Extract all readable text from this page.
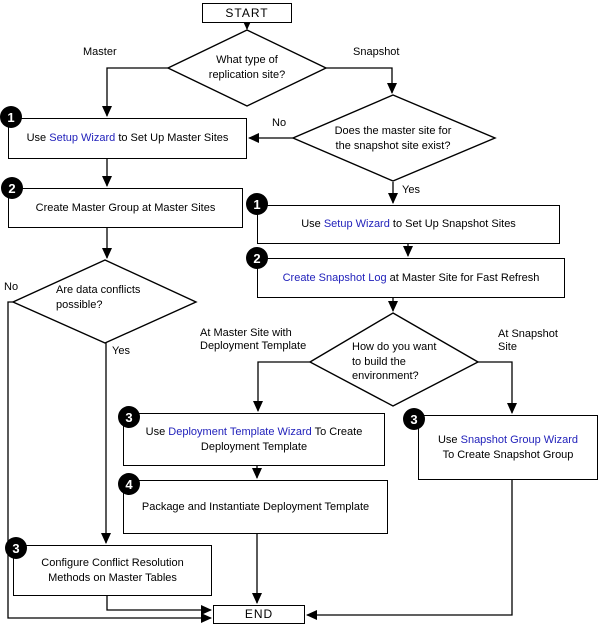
START
END
What type of
replication site?
Does the master site for
the snapshot site exist?
Are data conflicts
possible?
How do you want
to build the
environment?
Master	Snapshot
No
Yes
No
Yes
At Master Site with
Deployment Template
At Snapshot
Site
Use Setup Wizard to Set Up Master Sites
1
Create Master Group at Master Sites
2
Use Setup Wizard to Set Up Snapshot Sites
1
Create Snapshot Log at Master Site for Fast Refresh
2
Use Deployment Template Wizard To Create
Deployment Template
3
Package and Instantiate Deployment Template
4
Use Snapshot Group Wizard
To Create Snapshot Group
3
Configure Conflict Resolution
Methods on Master Tables
3
